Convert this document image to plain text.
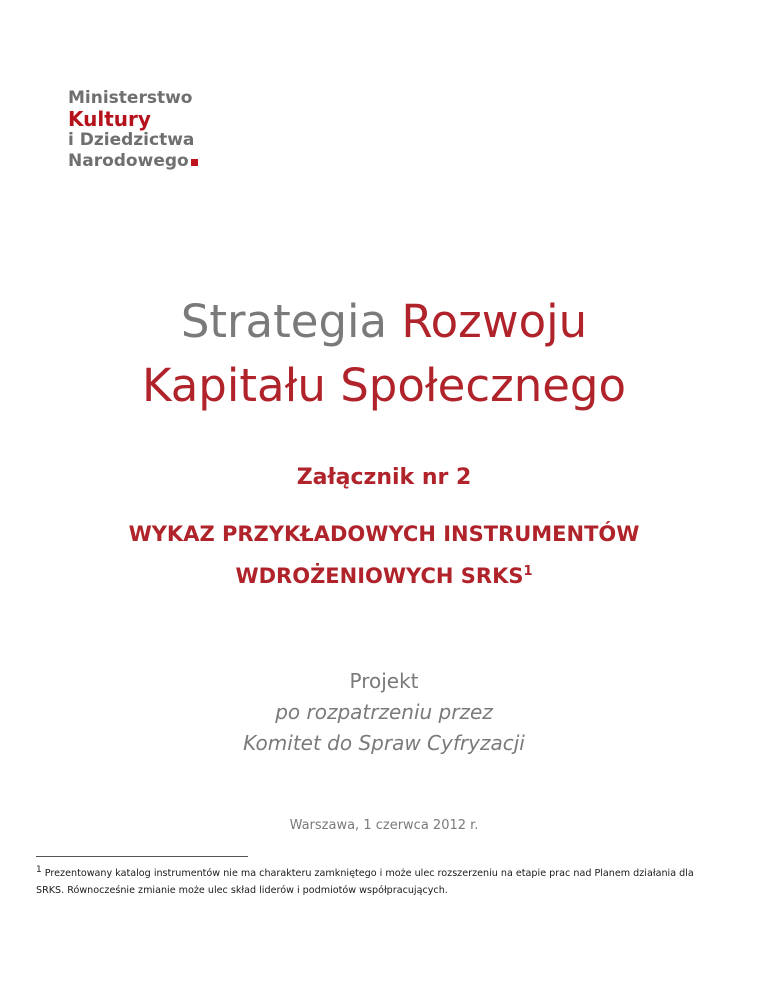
Ministerstwo
Kultury
i Dziedzictwa
Narodowego
Strategia Rozwoju
Kapitału Społecznego
Załącznik nr 2
WYKAZ PRZYKŁADOWYCH INSTRUMENTÓW
WDROŻENIOWYCH SRKS$^1$
Projekt
po rozpatrzeniu przez
Komitet do Spraw Cyfryzacji
Warszawa, 1 czerwca 2012 r.
$^1$ Prezentowany katalog instrumentów nie ma charakteru zamkniętego i może ulec rozszerzeniu na etapie prac nad Planem działania dla SRKS. Równocześnie zmianie może ulec skład liderów i podmiotów współpracujących.
